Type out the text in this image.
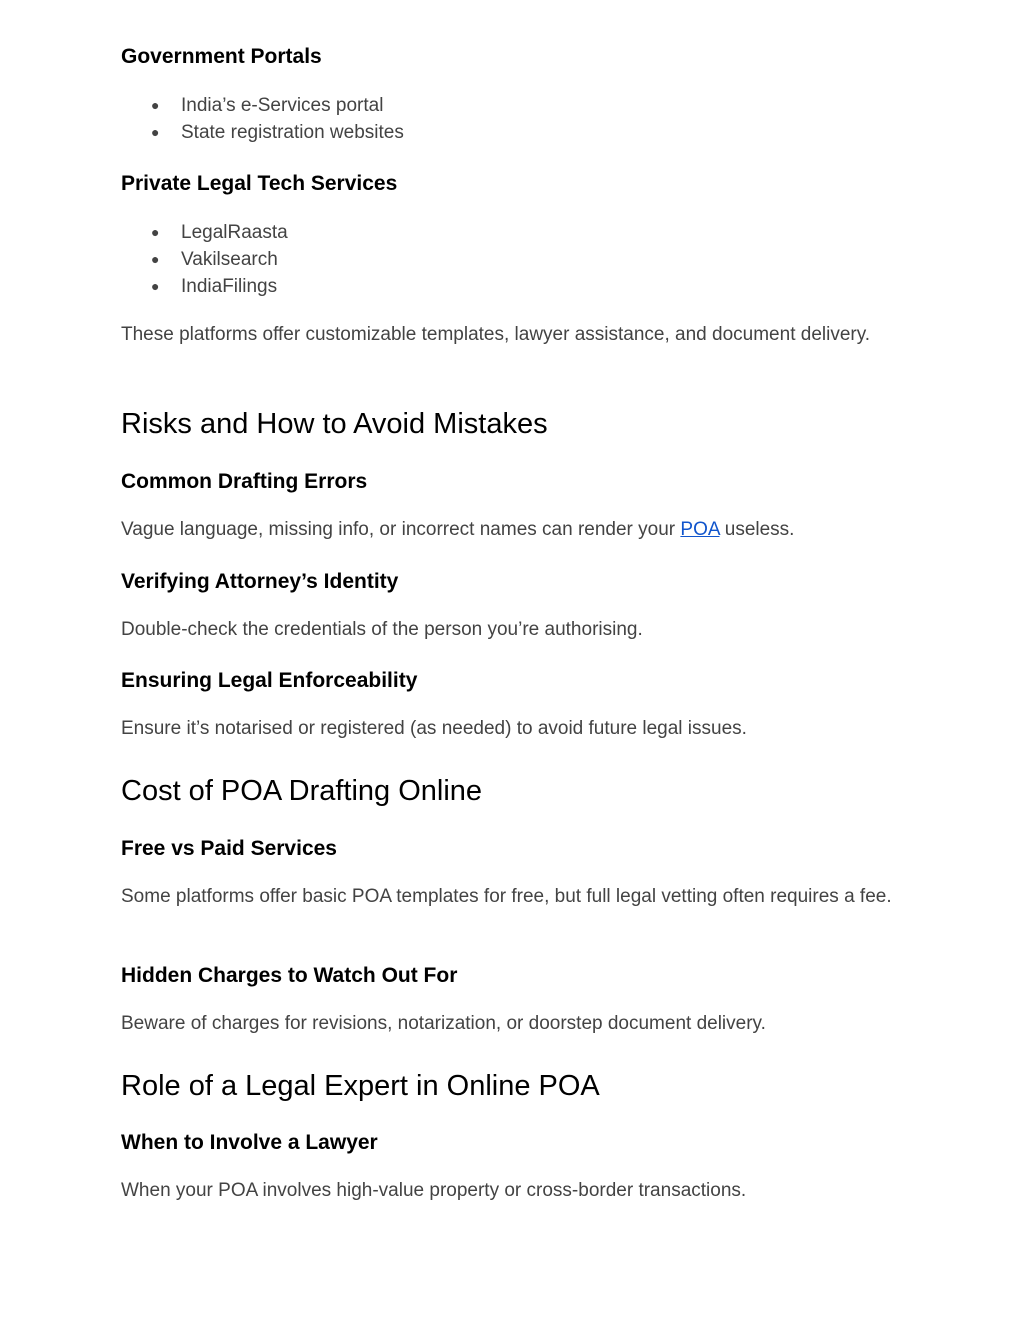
Government Portals
● India’s e-Services portal
● State registration websites
Private Legal Tech Services
● LegalRaasta
● Vakilsearch
● IndiaFilings
These platforms offer customizable templates, lawyer assistance, and document delivery.
Risks and How to Avoid Mistakes
Common Drafting Errors
Vague language, missing info, or incorrect names can render your POA useless.
Verifying Attorney’s Identity
Double-check the credentials of the person you’re authorising.
Ensuring Legal Enforceability
Ensure it’s notarised or registered (as needed) to avoid future legal issues.
Cost of POA Drafting Online
Free vs Paid Services
Some platforms offer basic POA templates for free, but full legal vetting often requires a fee.
Hidden Charges to Watch Out For
Beware of charges for revisions, notarization, or doorstep document delivery.
Role of a Legal Expert in Online POA
When to Involve a Lawyer
When your POA involves high-value property or cross-border transactions.
